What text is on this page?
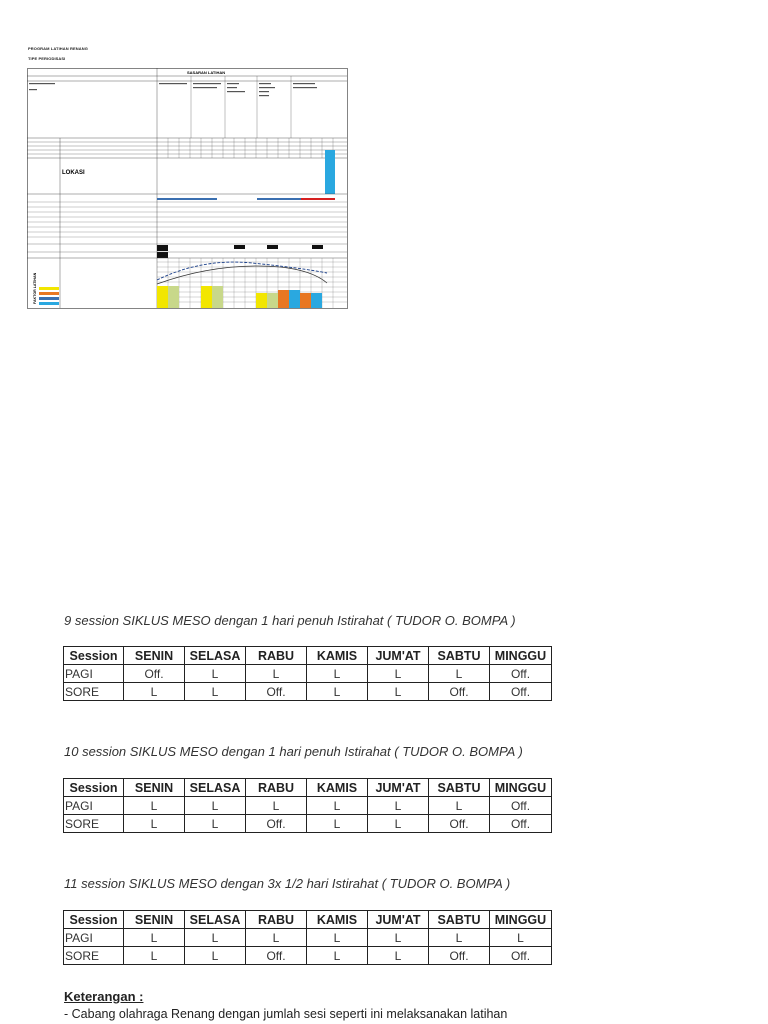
PROGRAM LATIHAN RENANG
TIPE PERIODISASI
SASARAN LATIHAN
LOKASI
FAKTOR LATIHAN
9 session SIKLUS MESO dengan 1 hari penuh Istirahat ( TUDOR O. BOMPA )
Session	SENIN	SELASA	RABU	KAMIS	JUM'AT	SABTU	MINGGU
PAGI	Off.	L	L	L	L	L	Off.
SORE	L	L	Off.	L	L	Off.	Off.
10 session SIKLUS MESO dengan 1 hari penuh Istirahat ( TUDOR O. BOMPA )
Session	SENIN	SELASA	RABU	KAMIS	JUM'AT	SABTU	MINGGU
PAGI	L	L	L	L	L	L	Off.
SORE	L	L	Off.	L	L	Off.	Off.
11 session SIKLUS MESO dengan 3x 1/2 hari Istirahat ( TUDOR O. BOMPA )
Session	SENIN	SELASA	RABU	KAMIS	JUM'AT	SABTU	MINGGU
PAGI	L	L	L	L	L	L	L
SORE	L	L	Off.	L	L	Off.	Off.
Keterangan :
- Cabang olahraga Renang dengan jumlah sesi seperti ini melaksanakan latihan
